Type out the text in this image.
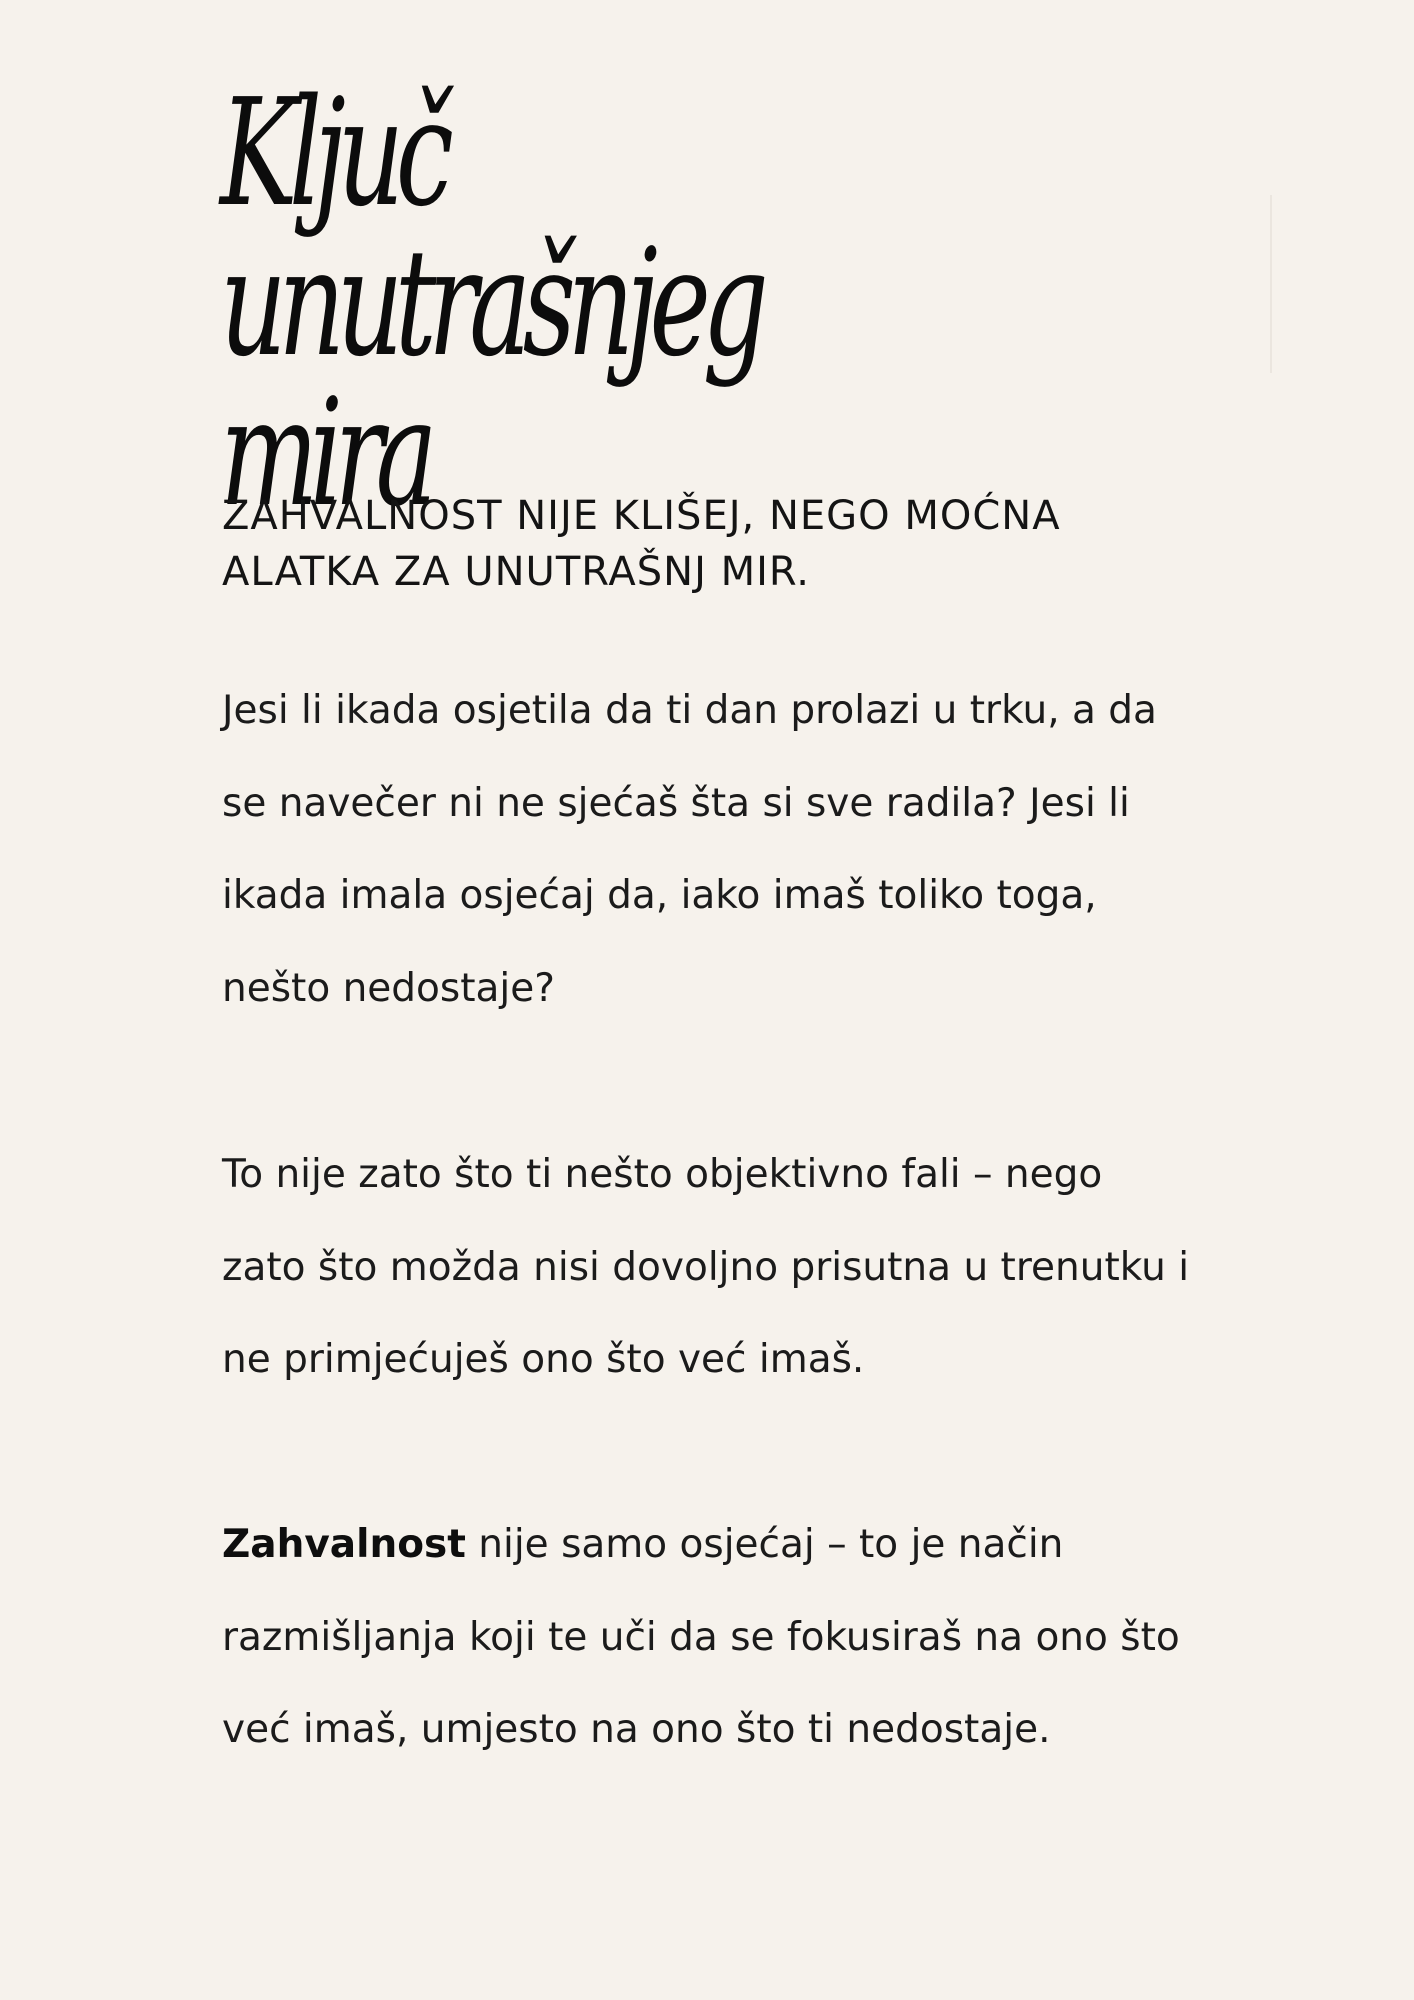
Ključ unutrašnjeg
mira
ZAHVALNOST NIJE KLIŠEJ, NEGO MOĆNA
ALATKA ZA UNUTRAŠNJ MIR.

Jesi li ikada osjetila da ti dan prolazi u trku, a da
se navečer ni ne sjećaš šta si sve radila? Jesi li
ikada imala osjećaj da, iako imaš toliko toga,
nešto nedostaje?

To nije zato što ti nešto objektivno fali – nego
zato što možda nisi dovoljno prisutna u trenutku i
ne primjećuješ ono što već imaš.

Zahvalnost nije samo osjećaj – to je način
razmišljanja koji te uči da se fokusiraš na ono što
već imaš, umjesto na ono što ti nedostaje.
